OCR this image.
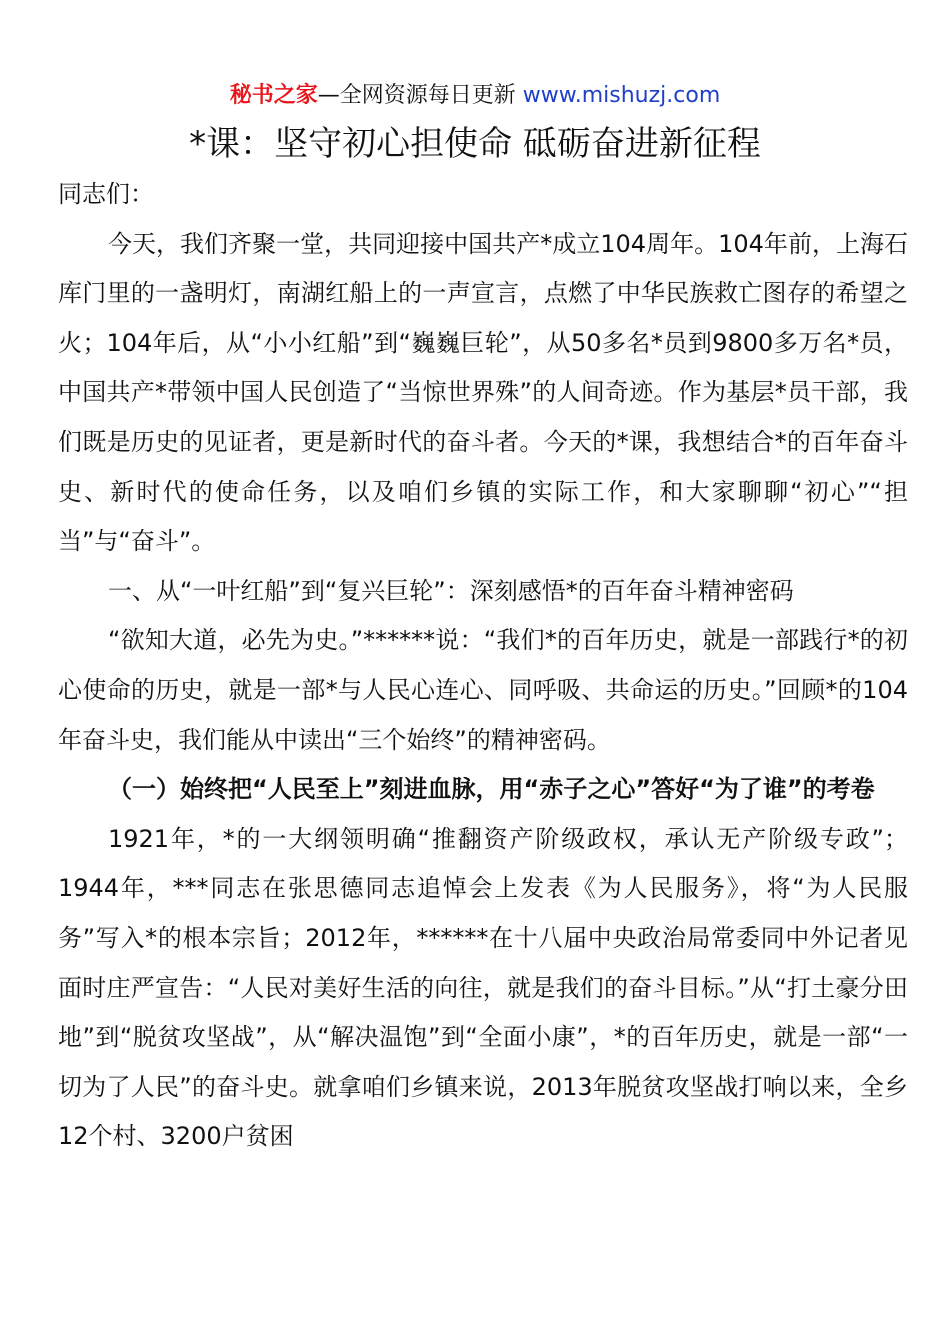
秘书之家—全网资源每日更新 www.mishuzj.com
*课：坚守初心担使命 砥砺奋进新征程

同志们：

今天，我们齐聚一堂，共同迎接中国共产*成立104周年。104年前，上海石库门里的一盏明灯，南湖红船上的一声宣言，点燃了中华民族救亡图存的希望之火；104年后，从“小小红船”到“巍巍巨轮”，从50多名*员到9800多万名*员，中国共产*带领中国人民创造了“当惊世界殊”的人间奇迹。作为基层*员干部，我们既是历史的见证者，更是新时代的奋斗者。今天的*课，我想结合*的百年奋斗史、新时代的使命任务，以及咱们乡镇的实际工作，和大家聊聊“初心”“担当”与“奋斗”。

一、从“一叶红船”到“复兴巨轮”：深刻感悟*的百年奋斗精神密码

“欲知大道，必先为史。”******说：“我们*的百年历史，就是一部践行*的初心使命的历史，就是一部*与人民心连心、同呼吸、共命运的历史。”回顾*的104年奋斗史，我们能从中读出“三个始终”的精神密码。

（一）始终把“人民至上”刻进血脉，用“赤子之心”答好“为了谁”的考卷

1921年，*的一大纲领明确“推翻资产阶级政权，承认无产阶级专政”；1944年，***同志在张思德同志追悼会上发表《为人民服务》，将“为人民服务”写入*的根本宗旨；2012年，******在十八届中央政治局常委同中外记者见面时庄严宣告：“人民对美好生活的向往，就是我们的奋斗目标。”从“打土豪分田地”到“脱贫攻坚战”，从“解决温饱”到“全面小康”，*的百年历史，就是一部“一切为了人民”的奋斗史。就拿咱们乡镇来说，2013年脱贫攻坚战打响以来，全乡12个村、3200户贫困
